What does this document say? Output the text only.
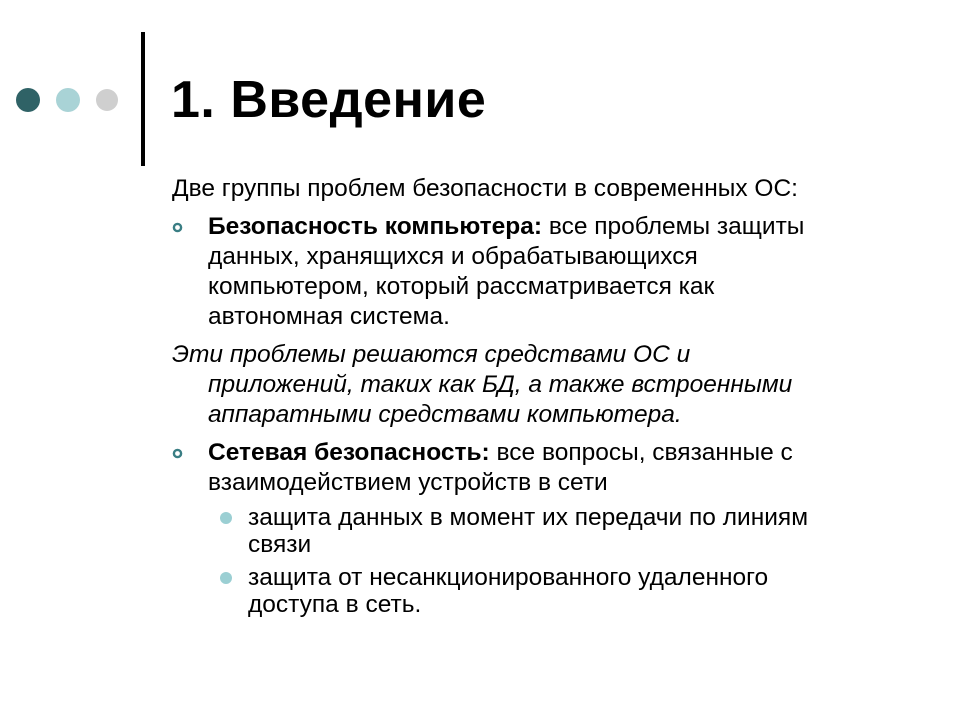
1. Введение
Две группы проблем безопасности в современных ОС:
Безопасность компьютера: все проблемы защиты
данных, хранящихся и обрабатывающихся
компьютером, который рассматривается как
автономная система.
Эти проблемы решаются средствами ОС и
приложений, таких как БД, а также встроенными
аппаратными средствами компьютера.
Сетевая безопасность: все вопросы, связанные с
взаимодействием устройств в сети
защита данных в момент их передачи по линиям
связи
защита от несанкционированного удаленного
доступа в сеть.
